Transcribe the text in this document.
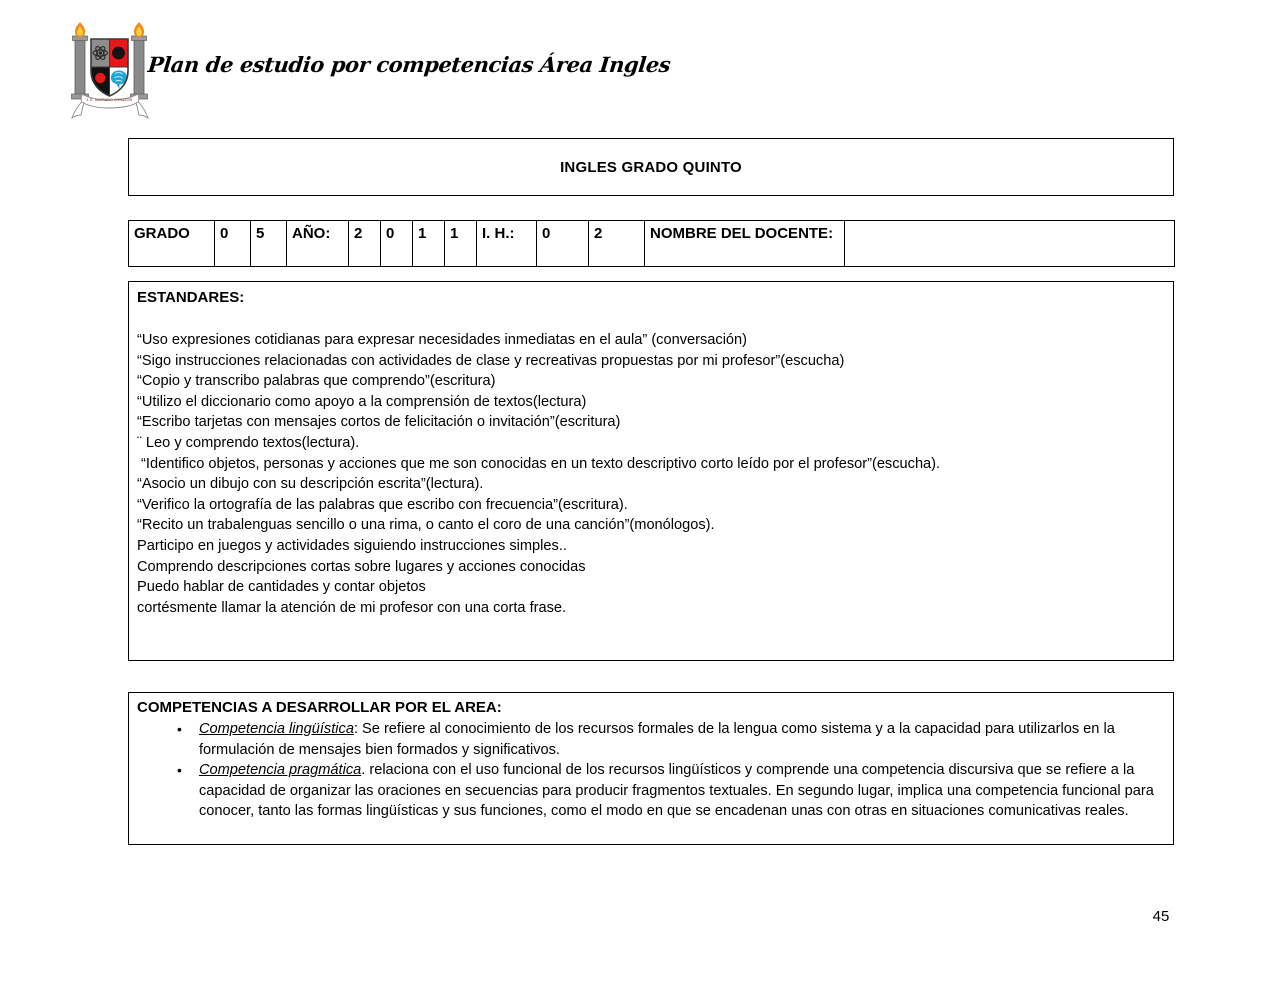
I. E. SAGRADO CORAZON
Plan de estudio por competencias Área Ingles
INGLES GRADO QUINTO
GRADO	0	5	AÑO:	2	0	1	1	I. H.:	0	2	NOMBRE DEL DOCENTE:	
ESTANDARES:
“Uso expresiones cotidianas para expresar necesidades inmediatas en el aula” (conversación)
“Sigo instrucciones relacionadas con actividades de clase y recreativas propuestas por mi profesor”(escucha)
“Copio y transcribo palabras que comprendo”(escritura)
“Utilizo el diccionario como apoyo a la comprensión de textos(lectura)
“Escribo tarjetas con mensajes cortos de felicitación o invitación”(escritura)
¨ Leo y comprendo textos(lectura).
“Identifico objetos, personas y acciones que me son conocidas en un texto descriptivo corto leído por el profesor”(escucha).
“Asocio un dibujo con su descripción escrita”(lectura).
“Verifico la ortografía de las palabras que escribo con frecuencia”(escritura).
“Recito un trabalenguas sencillo o una rima, o canto el coro de una canción”(monólogos).
Participo en juegos y actividades siguiendo instrucciones simples..
Comprendo descripciones cortas sobre lugares y acciones conocidas
Puedo hablar de cantidades y contar objetos
cortésmente llamar la atención de mi profesor con una corta frase.
COMPETENCIAS A DESARROLLAR POR EL AREA:
• Competencia lingüística: Se refiere al conocimiento de los recursos formales de la lengua como sistema y a la capacidad para utilizarlos en la formulación de mensajes bien formados y significativos.
• Competencia pragmática. relaciona con el uso funcional de los recursos lingüísticos y comprende una competencia discursiva que se refiere a la capacidad de organizar las oraciones en secuencias para producir fragmentos textuales. En segundo lugar, implica una competencia funcional para conocer, tanto las formas lingüísticas y sus funciones, como el modo en que se encadenan unas con otras en situaciones comunicativas reales.
45
